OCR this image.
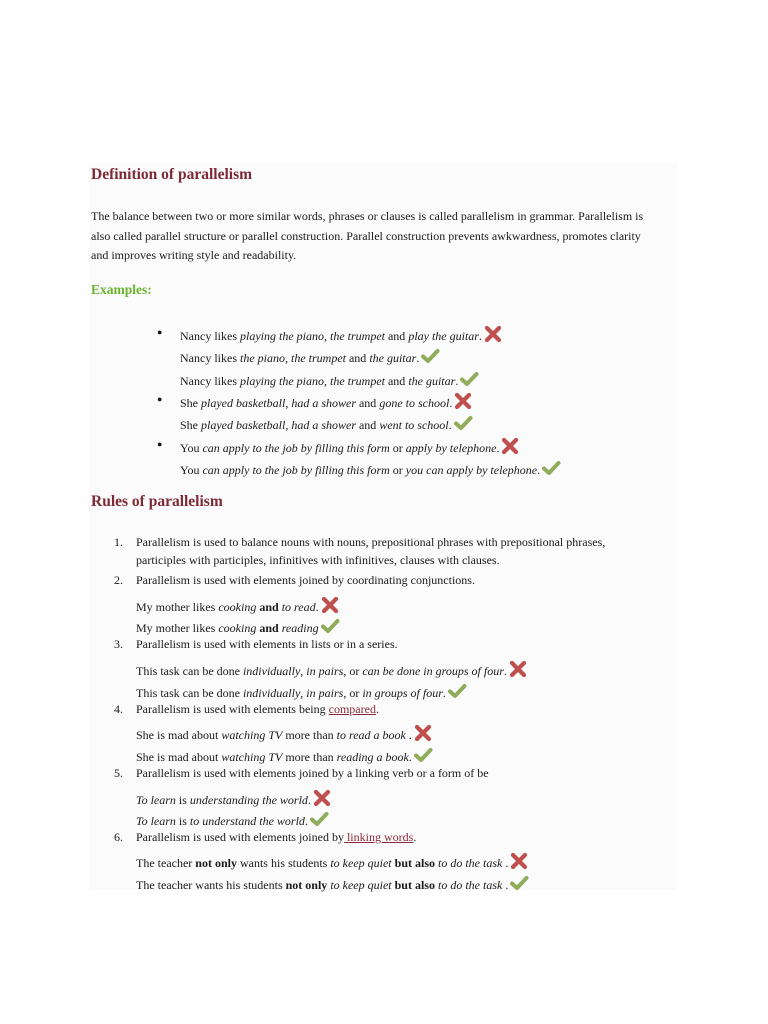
Definition of parallelism
The balance between two or more similar words, phrases or clauses is called parallelism in grammar. Parallelism is also called parallel structure or parallel construction. Parallel construction prevents awkwardness, promotes clarity and improves writing style and readability.
Examples:
● Nancy likes playing the piano, the trumpet and play the guitar.
Nancy likes the piano, the trumpet and the guitar.
Nancy likes playing the piano, the trumpet and the guitar.
● She played basketball, had a shower and gone to school.
She played basketball, had a shower and went to school.
● You can apply to the job by filling this form or apply by telephone.
You can apply to the job by filling this form or you can apply by telephone.
Rules of parallelism
1. Parallelism is used to balance nouns with nouns, prepositional phrases with prepositional phrases,
participles with participles, infinitives with infinitives, clauses with clauses.
2. Parallelism is used with elements joined by coordinating conjunctions.
My mother likes cooking and to read.
My mother likes cooking and reading
3. Parallelism is used with elements in lists or in a series.
This task can be done individually, in pairs, or can be done in groups of four.
This task can be done individually, in pairs, or in groups of four.
4. Parallelism is used with elements being compared.
She is mad about watching TV more than to read a book .
She is mad about watching TV more than reading a book.
5. Parallelism is used with elements joined by a linking verb or a form of be
To learn is understanding the world.
To learn is to understand the world.
6. Parallelism is used with elements joined by linking words.
The teacher not only wants his students to keep quiet but also to do the task .
The teacher wants his students not only to keep quiet but also to do the task .
